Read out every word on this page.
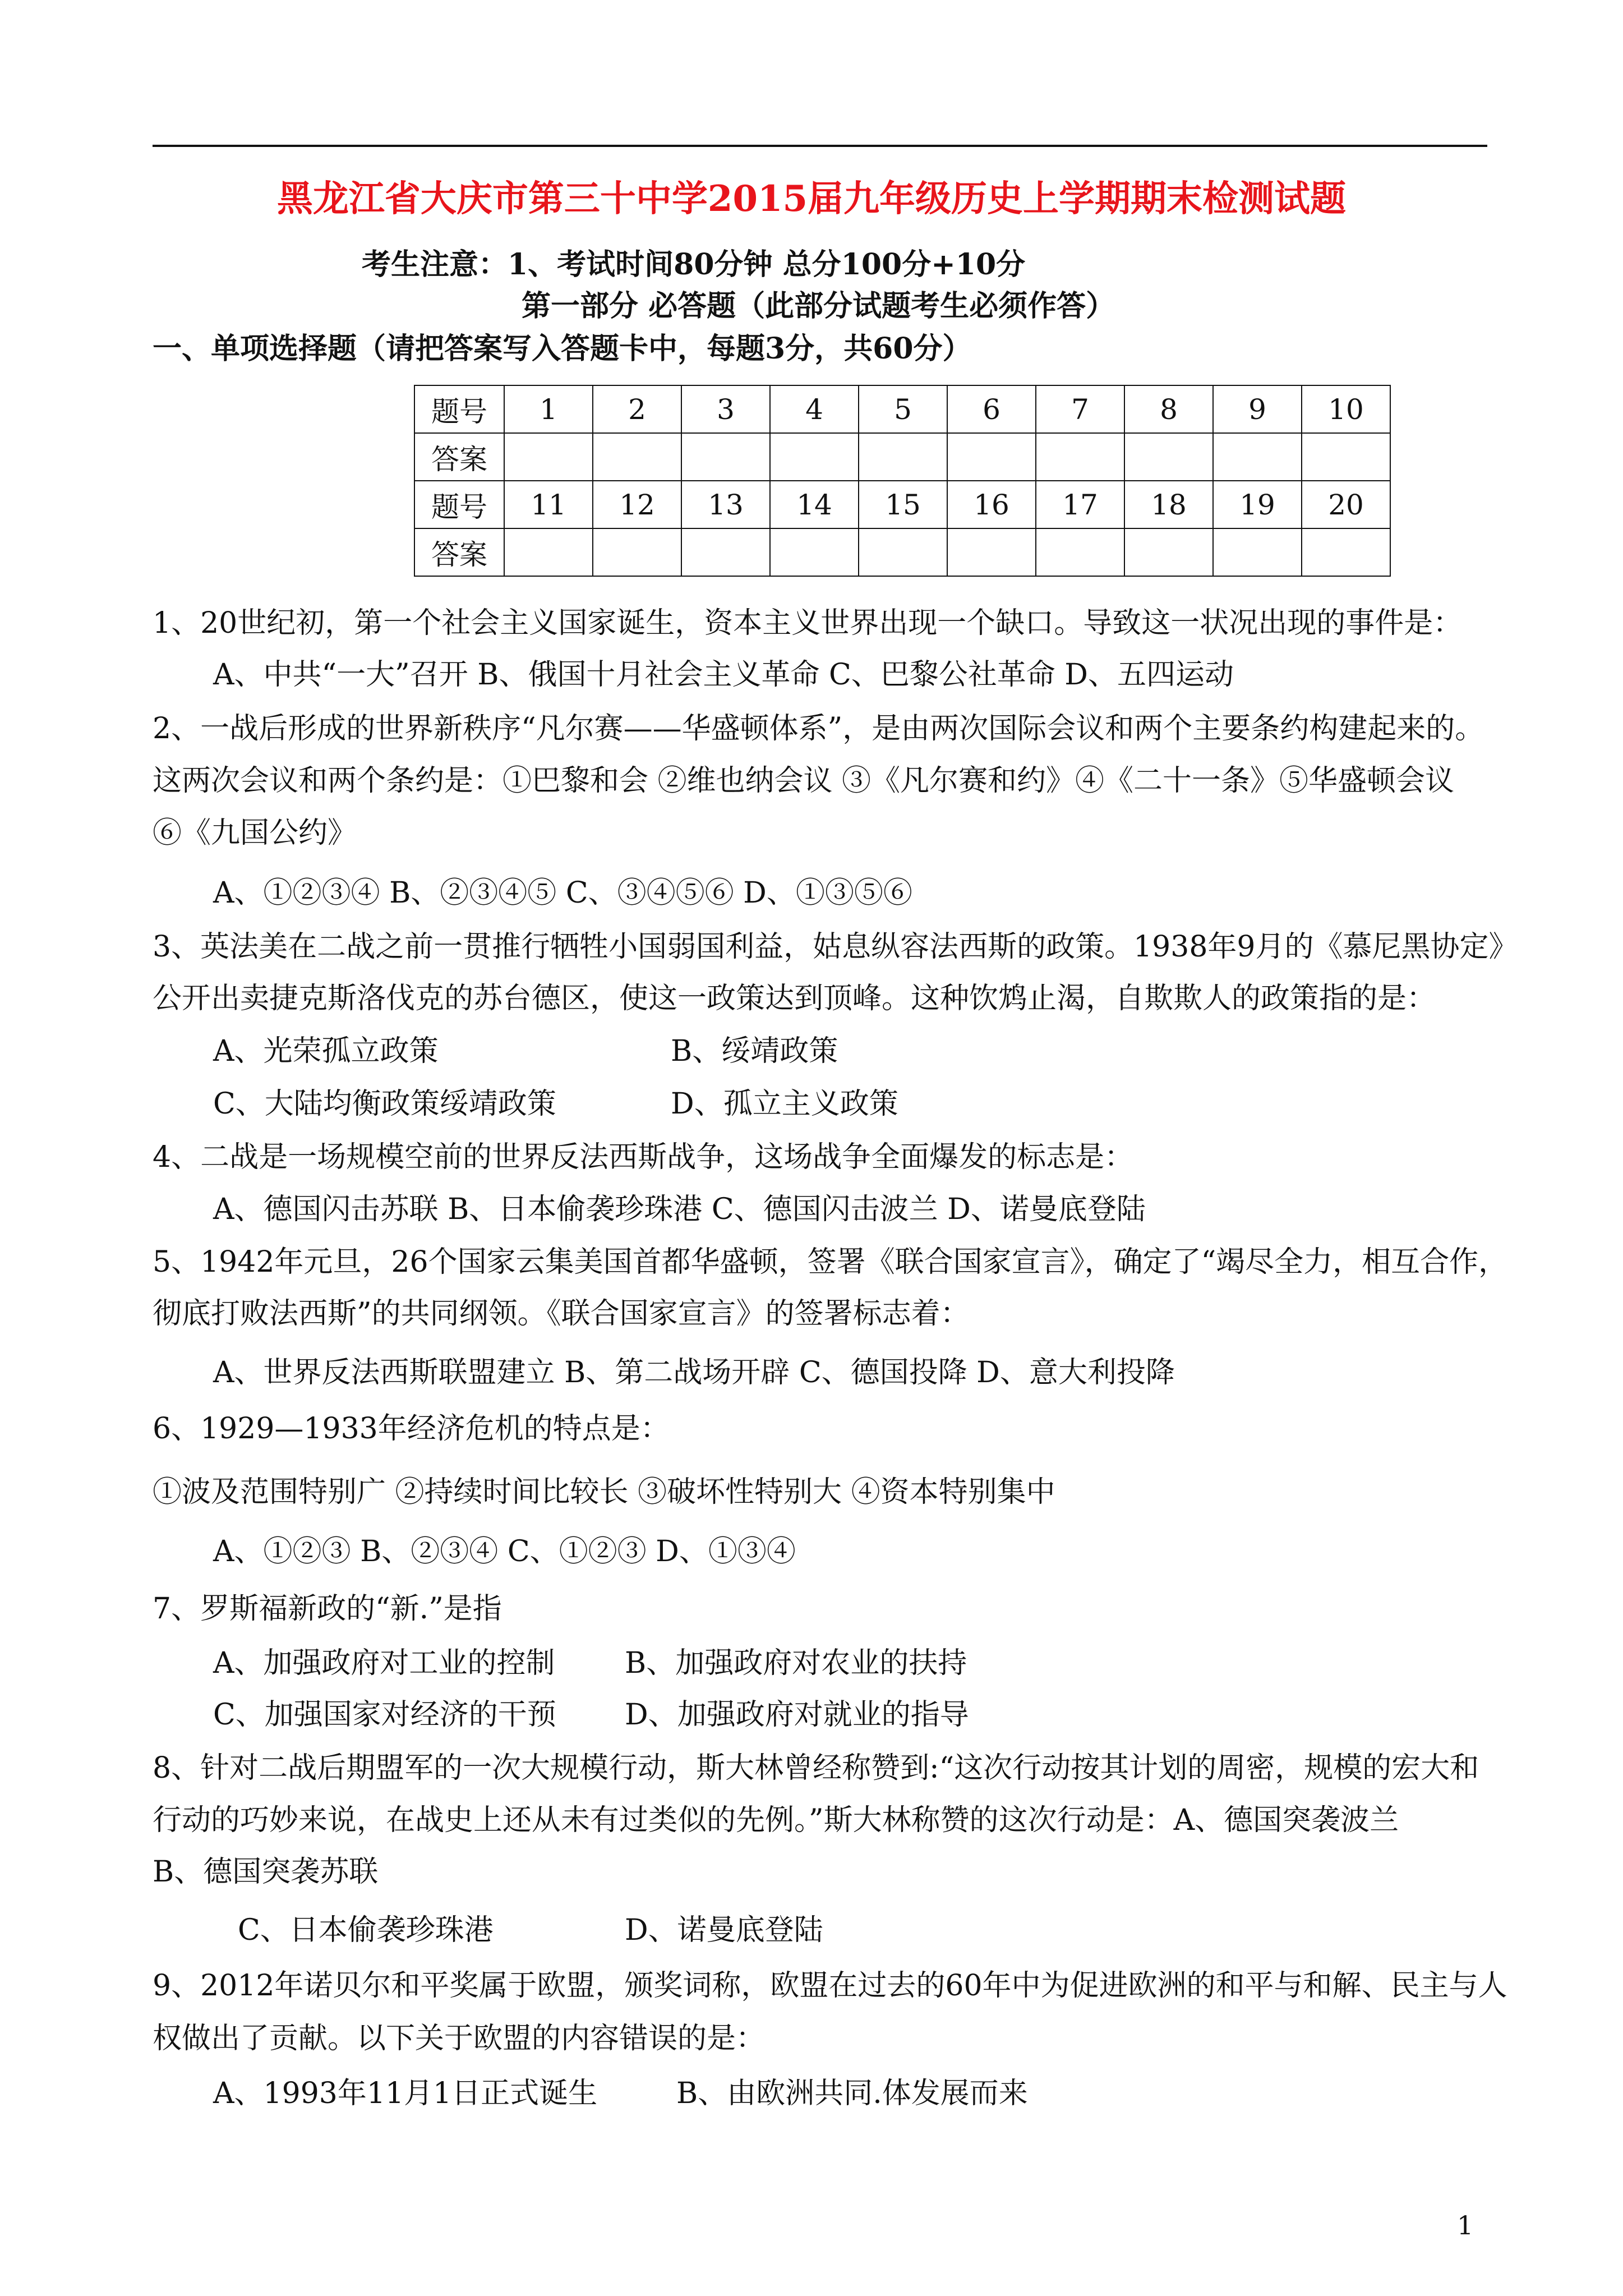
黑龙江省大庆市第三十中学2015届九年级历史上学期期末检测试题
考生注意：1、考试时间80分钟 总分100分+10分
第一部分 必答题（此部分试题考生必须作答）
一、单项选择题（请把答案写入答题卡中，每题3分，共60分）
题号	1	2	3	4	5	6	7	8	9	10
答案										
题号	11	12	13	14	15	16	17	18	19	20
答案										
1、20世纪初，第一个社会主义国家诞生，资本主义世界出现一个缺口。导致这一状况出现的事件是：
A、中共“一大”召开 B、俄国十月社会主义革命 C、巴黎公社革命 D、五四运动
2、一战后形成的世界新秩序“凡尔赛——华盛顿体系”，是由两次国际会议和两个主要条约构建起来的。
这两次会议和两个条约是：①巴黎和会 ②维也纳会议 ③《凡尔赛和约》④《二十一条》⑤华盛顿会议
⑥《九国公约》
A、①②③④ B、②③④⑤ C、③④⑤⑥ D、①③⑤⑥
3、英法美在二战之前一贯推行牺牲小国弱国利益，姑息纵容法西斯的政策。1938年9月的《慕尼黑协定》
公开出卖捷克斯洛伐克的苏台德区，使这一政策达到顶峰。这种饮鸩止渴，自欺欺人的政策指的是：
A、光荣孤立政策	B、绥靖政策
C、大陆均衡政策绥靖政策	D、孤立主义政策
4、二战是一场规模空前的世界反法西斯战争，这场战争全面爆发的标志是：
A、德国闪击苏联 B、日本偷袭珍珠港 C、德国闪击波兰 D、诺曼底登陆
5、1942年元旦，26个国家云集美国首都华盛顿，签署《联合国家宣言》，确定了“竭尽全力，相互合作，
彻底打败法西斯”的共同纲领。《联合国家宣言》的签署标志着：
A、世界反法西斯联盟建立 B、第二战场开辟 C、德国投降 D、意大利投降
6、1929—1933年经济危机的特点是：
①波及范围特别广 ②持续时间比较长 ③破坏性特别大 ④资本特别集中
A、①②③ B、②③④ C、①②③ D、①③④
7、罗斯福新政的“新.”是指
A、加强政府对工业的控制 B、加强政府对农业的扶持
C、加强国家对经济的干预 D、加强政府对就业的指导
8、针对二战后期盟军的一次大规模行动，斯大林曾经称赞到:“这次行动按其计划的周密，规模的宏大和
行动的巧妙来说，在战史上还从未有过类似的先例。”斯大林称赞的这次行动是：A、德国突袭波兰
B、德国突袭苏联
C、日本偷袭珍珠港	D、诺曼底登陆
9、2012年诺贝尔和平奖属于欧盟，颁奖词称，欧盟在过去的60年中为促进欧洲的和平与和解、民主与人
权做出了贡献。以下关于欧盟的内容错误的是：
A、1993年11月1日正式诞生	B、由欧洲共同.体发展而来
1
